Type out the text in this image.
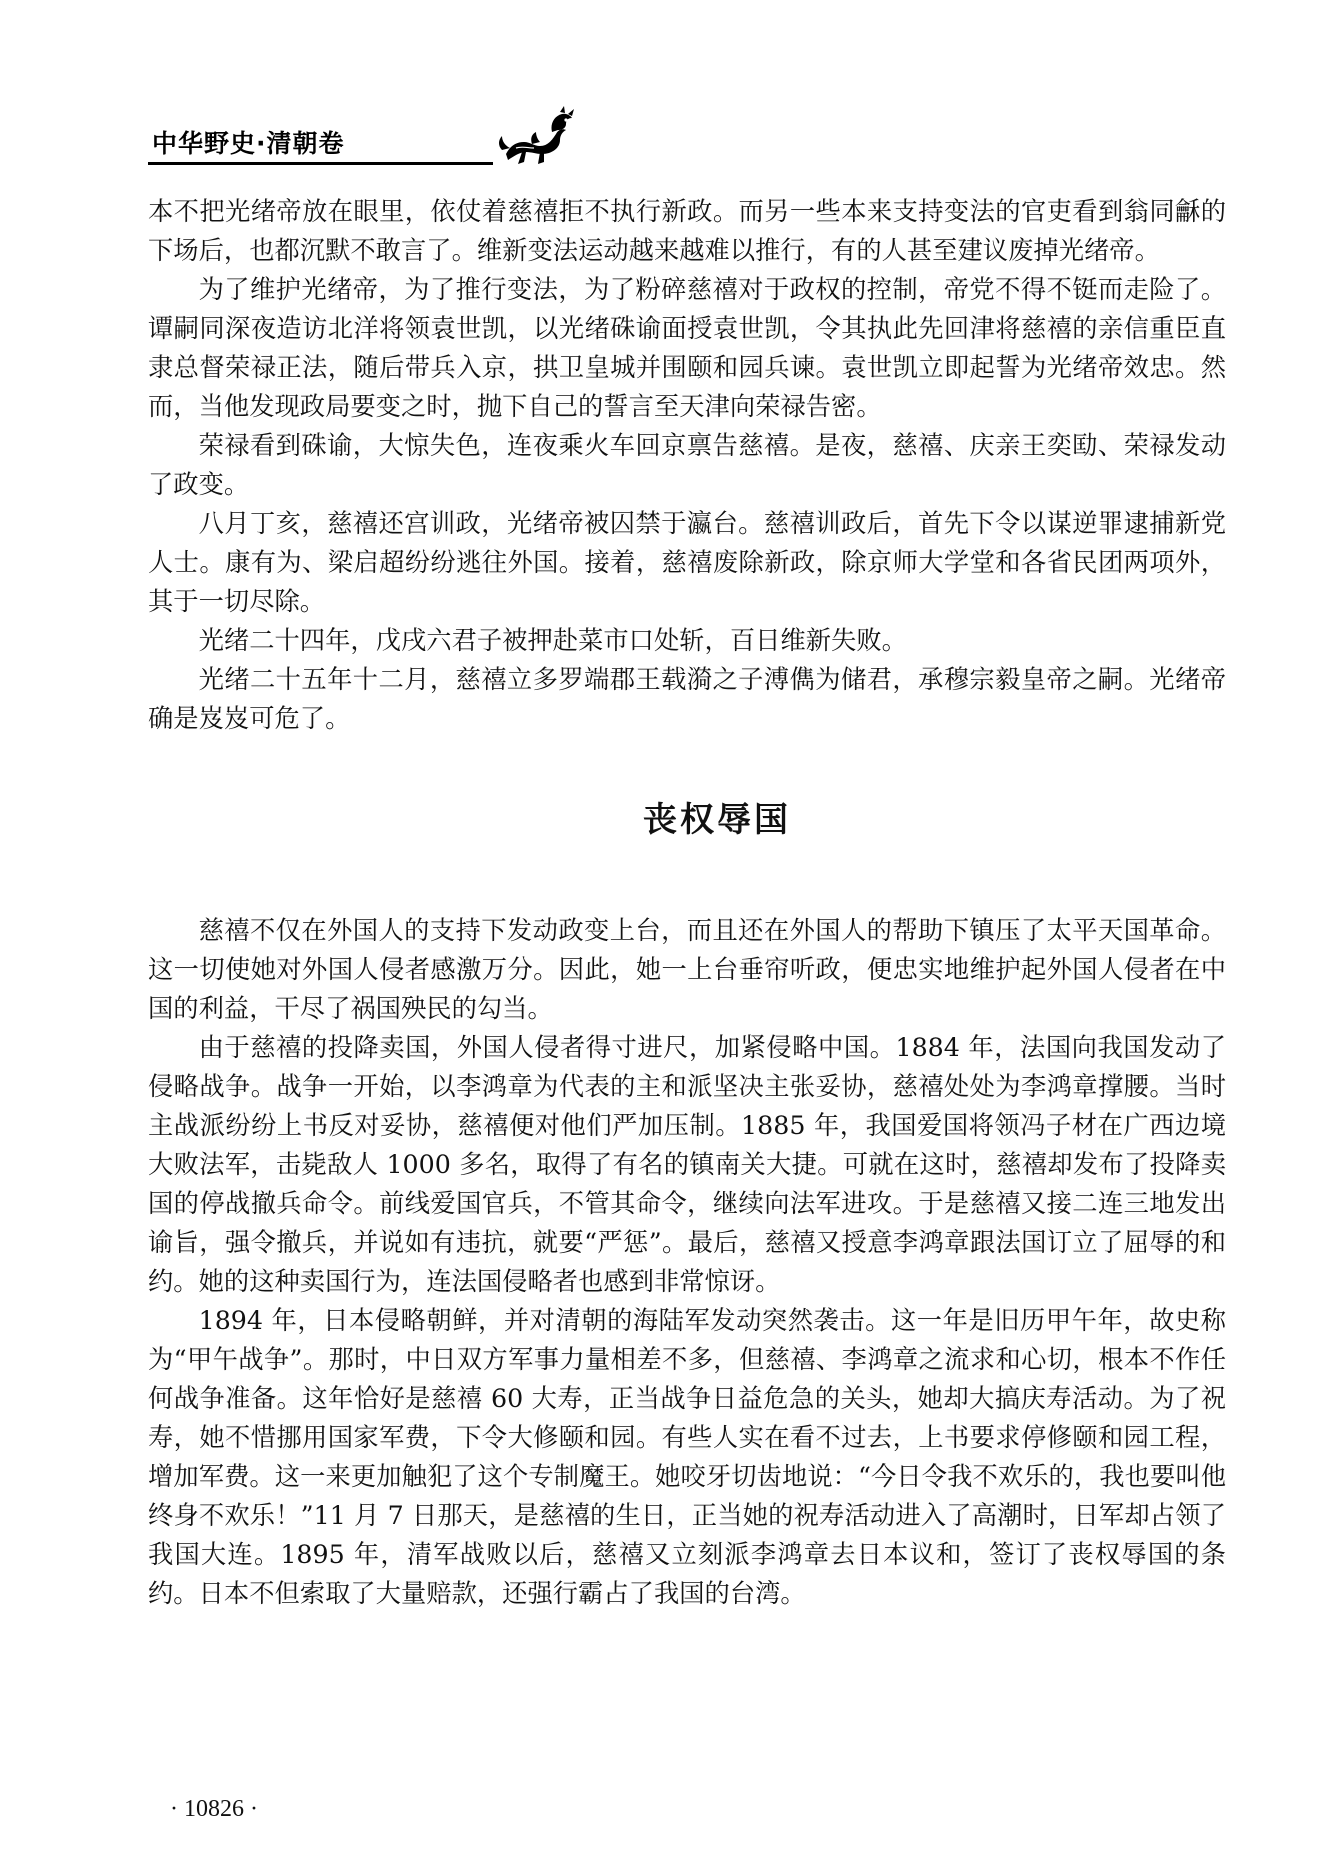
中华野史·清朝卷

本不把光绪帝放在眼里，依仗着慈禧拒不执行新政。而另一些本来支持变法的官吏看到翁同龢的下场后，也都沉默不敢言了。维新变法运动越来越难以推行，有的人甚至建议废掉光绪帝。

为了维护光绪帝，为了推行变法，为了粉碎慈禧对于政权的控制，帝党不得不铤而走险了。谭嗣同深夜造访北洋将领袁世凯，以光绪硃谕面授袁世凯，令其执此先回津将慈禧的亲信重臣直隶总督荣禄正法，随后带兵入京，拱卫皇城并围颐和园兵谏。袁世凯立即起誓为光绪帝效忠。然而，当他发现政局要变之时，抛下自己的誓言至天津向荣禄告密。

荣禄看到硃谕，大惊失色，连夜乘火车回京禀告慈禧。是夜，慈禧、庆亲王奕劻、荣禄发动了政变。

八月丁亥，慈禧还宫训政，光绪帝被囚禁于瀛台。慈禧训政后，首先下令以谋逆罪逮捕新党人士。康有为、梁启超纷纷逃往外国。接着，慈禧废除新政，除京师大学堂和各省民团两项外，其于一切尽除。

光绪二十四年，戊戌六君子被押赴菜市口处斩，百日维新失败。

光绪二十五年十二月，慈禧立多罗端郡王载漪之子溥儁为储君，承穆宗毅皇帝之嗣。光绪帝确是岌岌可危了。

丧权辱国

慈禧不仅在外国人的支持下发动政变上台，而且还在外国人的帮助下镇压了太平天国革命。这一切使她对外国人侵者感激万分。因此，她一上台垂帘听政，便忠实地维护起外国人侵者在中国的利益，干尽了祸国殃民的勾当。

由于慈禧的投降卖国，外国人侵者得寸进尺，加紧侵略中国。1884 年，法国向我国发动了侵略战争。战争一开始，以李鸿章为代表的主和派坚决主张妥协，慈禧处处为李鸿章撑腰。当时主战派纷纷上书反对妥协，慈禧便对他们严加压制。1885 年，我国爱国将领冯子材在广西边境大败法军，击毙敌人 1000 多名，取得了有名的镇南关大捷。可就在这时，慈禧却发布了投降卖国的停战撤兵命令。前线爱国官兵，不管其命令，继续向法军进攻。于是慈禧又接二连三地发出谕旨，强令撤兵，并说如有违抗，就要“严惩”。最后，慈禧又授意李鸿章跟法国订立了屈辱的和约。她的这种卖国行为，连法国侵略者也感到非常惊讶。

1894 年，日本侵略朝鲜，并对清朝的海陆军发动突然袭击。这一年是旧历甲午年，故史称为“甲午战争”。那时，中日双方军事力量相差不多，但慈禧、李鸿章之流求和心切，根本不作任何战争准备。这年恰好是慈禧 60 大寿，正当战争日益危急的关头，她却大搞庆寿活动。为了祝寿，她不惜挪用国家军费，下令大修颐和园。有些人实在看不过去，上书要求停修颐和园工程，增加军费。这一来更加触犯了这个专制魔王。她咬牙切齿地说：“今日令我不欢乐的，我也要叫他终身不欢乐！”11 月 7 日那天，是慈禧的生日，正当她的祝寿活动进入了高潮时，日军却占领了我国大连。1895 年，清军战败以后，慈禧又立刻派李鸿章去日本议和，签订了丧权辱国的条约。日本不但索取了大量赔款，还强行霸占了我国的台湾。

· 10826 ·
